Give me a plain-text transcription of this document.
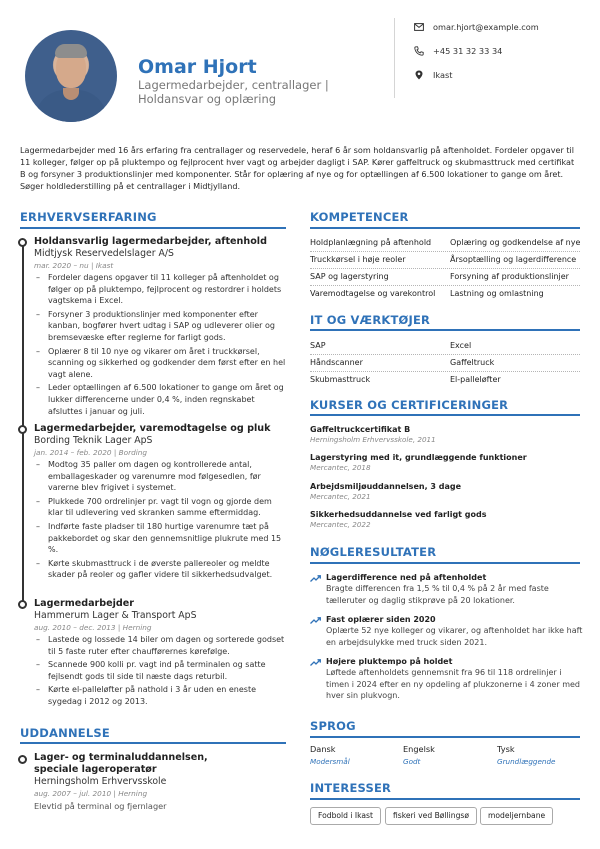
Omar Hjort
Lagermedarbejder, centrallager | Holdansvar og oplæring
omar.hjort@example.com
+45 31 32 33 34
Ikast
Lagermedarbejder med 16 års erfaring fra centrallager og reservedele, heraf 6 år som holdansvarlig på aftenholdet. Fordeler opgaver til 11 kolleger, følger op på pluktempo og fejlprocent hver vagt og arbejder dagligt i SAP. Kører gaffeltruck og skubmasttruck med certifikat B og forsyner 3 produktionslinjer med komponenter. Står for oplæring af nye og for optællingen af 6.500 lokationer to gange om året. Søger holdlederstilling på et centrallager i Midtjylland.
ERHVERVSERFARING
Holdansvarlig lagermedarbejder, aftenhold
Midtjysk Reservedelslager A/S
mar. 2020 – nu | Ikast
– Fordeler dagens opgaver til 11 kolleger på aftenholdet og følger op på pluktempo, fejlprocent og restordrer i holdets vagtskema i Excel.
– Forsyner 3 produktionslinjer med komponenter efter kanban, bogfører hvert udtag i SAP og udleverer olier og bremsevæske efter reglerne for farligt gods.
– Oplærer 8 til 10 nye og vikarer om året i truckkørsel, scanning og sikkerhed og godkender dem først efter en hel vagt alene.
– Leder optællingen af 6.500 lokationer to gange om året og lukker differencerne under 0,4 %, inden regnskabet afsluttes i januar og juli.
Lagermedarbejder, varemodtagelse og pluk
Bording Teknik Lager ApS
jan. 2014 – feb. 2020 | Bording
– Modtog 35 paller om dagen og kontrollerede antal, emballageskader og varenumre mod følgesedlen, før varerne blev frigivet i systemet.
– Plukkede 700 ordrelinjer pr. vagt til vogn og gjorde dem klar til udlevering ved skranken samme eftermiddag.
– Indførte faste pladser til 180 hurtige varenumre tæt på pakkebordet og skar den gennemsnitlige plukrute med 15 %.
– Kørte skubmasttruck i de øverste pallereoler og meldte skader på reoler og gafler videre til sikkerhedsudvalget.
Lagermedarbejder
Hammerum Lager & Transport ApS
aug. 2010 – dec. 2013 | Herning
– Lastede og lossede 14 biler om dagen og sorterede godset til 5 faste ruter efter chaufførernes kørefølge.
– Scannede 900 kolli pr. vagt ind på terminalen og satte fejlsendt gods til side til næste dags returbil.
– Kørte el-palleløfter på nathold i 3 år uden en eneste sygedag i 2012 og 2013.
UDDANNELSE
Lager- og terminaluddannelsen, speciale lageroperatør
Herningsholm Erhvervsskole
aug. 2007 – jul. 2010 | Herning
Elevtid på terminal og fjernlager
KOMPETENCER
Holdplanlægning på aftenhold	Oplæring og godkendelse af nye
Truckkørsel i høje reoler	Årsoptælling og lagerdifference
SAP og lagerstyring	Forsyning af produktionslinjer
Varemodtagelse og varekontrol	Lastning og omlastning
IT OG VÆRKTØJER
SAP	Excel
Håndscanner	Gaffeltruck
Skubmasttruck	El-palleløfter
KURSER OG CERTIFICERINGER
Gaffeltruckcertifikat B
Herningsholm Erhvervsskole, 2011
Lagerstyring med it, grundlæggende funktioner
Mercantec, 2018
Arbejdsmiljøuddannelsen, 3 dage
Mercantec, 2021
Sikkerhedsuddannelse ved farligt gods
Mercantec, 2022
NØGLERESULTATER
Lagerdifference ned på aftenholdet
Bragte differencen fra 1,5 % til 0,4 % på 2 år med faste tælleruter og daglig stikprøve på 20 lokationer.
Fast oplærer siden 2020
Oplærte 52 nye kolleger og vikarer, og aftenholdet har ikke haft en arbejdsulykke med truck siden 2021.
Højere pluktempo på holdet
Løftede aftenholdets gennemsnit fra 96 til 118 ordrelinjer i timen i 2024 efter en ny opdeling af plukzonerne i 4 zoner med hver sin plukvogn.
SPROG
Dansk
Modersmål
Engelsk
Godt
Tysk
Grundlæggende
INTERESSER
Fodbold i Ikast	fiskeri ved Bøllingsø	modeljernbane
